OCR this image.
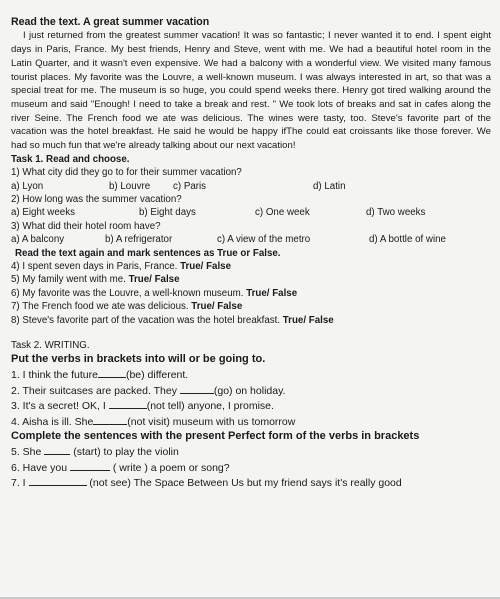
Read the text. A great summer vacation

I just returned from the greatest summer vacation! It was so fantastic; I never wanted it to end. I spent eight days in Paris, France. My best friends, Henry and Steve, went with me. We had a beautiful hotel room in the Latin Quarter, and it wasn't even expensive. We had a balcony with a wonderful view. We visited many famous tourist places. My favorite was the Louvre, a well-known museum. I was always interested in art, so that was a special treat for me. The museum is so huge, you could spend weeks there. Henry got tired walking around the museum and said "Enough! I need to take a break and rest. " We took lots of breaks and sat in cafes along the river Seine. The French food we ate was delicious. The wines were tasty, too. Steve's favorite part of the vacation was the hotel breakfast. He said he would be happy ifThe could eat croissants like those forever. We had so much fun that we're already talking about our next vacation!

Task 1. Read and choose.
1) What city did they go to for their summer vacation?
a) Lyon	b) Louvre	c) Paris	d) Latin
2) How long was the summer vacation?
a) Eight weeks	b) Eight days	c) One week	d) Two weeks
3) What did their hotel room have?
a) A balcony	b) A refrigerator	c) A view of the metro	d) A bottle of wine
Read the text again and mark sentences as True or False.
4) I spent seven days in Paris, France. True/ False
5) My family went with me. True/ False
6) My favorite was the Louvre, a well-known museum. True/ False
7) The French food we ate was delicious. True/ False
8) Steve's favorite part of the vacation was the hotel breakfast. True/ False
Task 2. WRITING.
Put the verbs in brackets into will or be going to.
1. I think the future	(be) different.
2. Their suitcases are packed. They	(go) on holiday.
3. It's a secret! OK, I	(not tell) anyone, I promise.
4. Aisha is ill. She	(not visit) museum with us tomorrow
Complete the sentences with the present Perfect form of the verbs in brackets
5. She  (start) to play the violin
6. Have you	( write ) a poem or song?
7. I	(not see) The Space Between Us but my friend says it's really good
